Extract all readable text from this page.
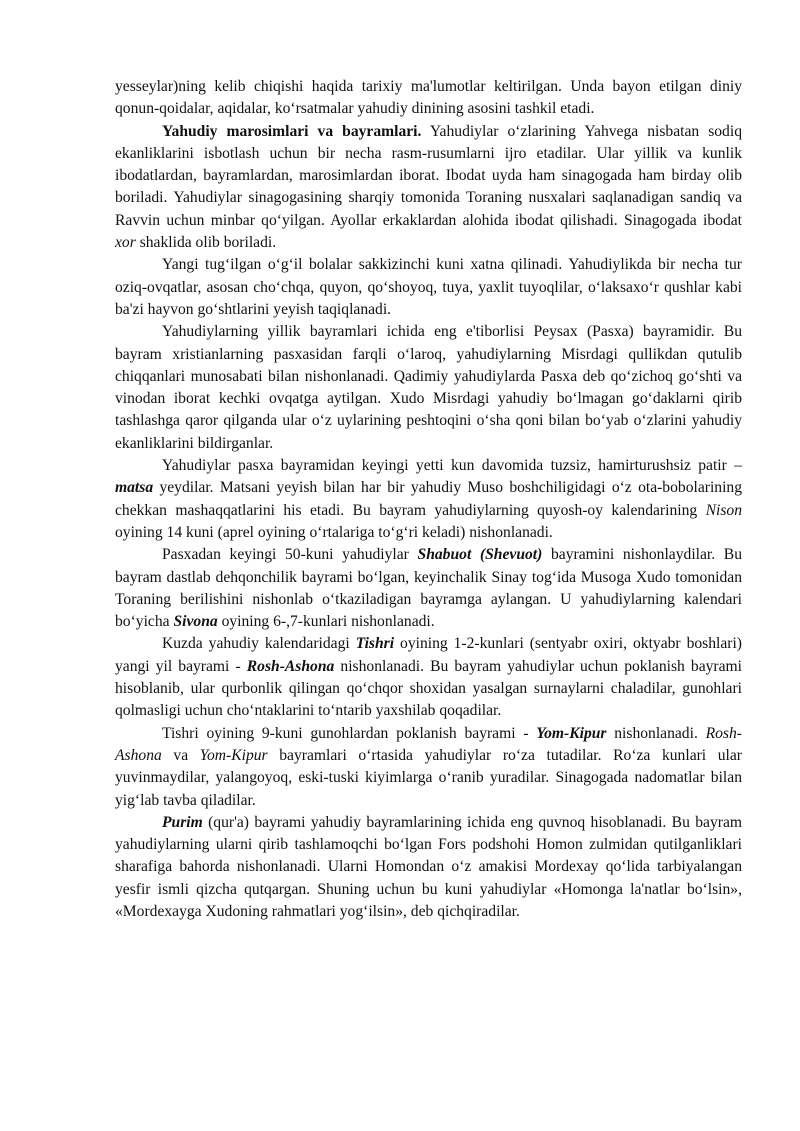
yesseylar)ning kelib chiqishi haqida tarixiy ma'lumotlar keltirilgan. Unda bayon etilgan diniy qonun-qoidalar, aqidalar, ko‘rsatmalar yahudiy dinining asosini tashkil etadi.

Yahudiy marosimlari va bayramlari. Yahudiylar o‘zlarining Yahvega nisbatan sodiq ekanliklarini isbotlash uchun bir necha rasm-rusumlarni ijro etadilar. Ular yillik va kunlik ibodatlardan, bayramlardan, marosimlardan iborat. Ibodat uyda ham sinagogada ham birday olib boriladi. Yahudiylar sinagogasining sharqiy tomonida Toraning nusxalari saqlanadigan sandiq va Ravvin uchun minbar qo‘yilgan. Ayollar erkaklardan alohida ibodat qilishadi. Sinagogada ibodat xor shaklida olib boriladi.

Yangi tug‘ilgan o‘g‘il bolalar sakkizinchi kuni xatna qilinadi. Yahudiylikda bir necha tur oziq-ovqatlar, asosan cho‘chqa, quyon, qo‘shoyoq, tuya, yaxlit tuyoqlilar, o‘laksaxo‘r qushlar kabi ba'zi hayvon go‘shtlarini yeyish taqiqlanadi.

Yahudiylarning yillik bayramlari ichida eng e'tiborlisi Peysax (Pasxa) bayramidir. Bu bayram xristianlarning pasxasidan farqli o‘laroq, yahudiylarning Misrdagi qullikdan qutulib chiqqanlari munosabati bilan nishonlanadi. Qadimiy yahudiylarda Pasxa deb qo‘zichoq go‘shti va vinodan iborat kechki ovqatga aytilgan. Xudo Misrdagi yahudiy bo‘lmagan go‘daklarni qirib tashlashga qaror qilganda ular o‘z uylarining peshtoqini o‘sha qoni bilan bo‘yab o‘zlarini yahudiy ekanliklarini bildirganlar.

Yahudiylar pasxa bayramidan keyingi yetti kun davomida tuzsiz, hamirturushsiz patir – matsa yeydilar. Matsani yeyish bilan har bir yahudiy Muso boshchiligidagi o‘z ota-bobolarining chekkan mashaqqatlarini his etadi. Bu bayram yahudiylarning quyosh-oy kalendarining Nison oyining 14 kuni (aprel oyining o‘rtalariga to‘g‘ri keladi) nishonlanadi.

Pasxadan keyingi 50-kuni yahudiylar Shabuot (Shevuot) bayramini nishonlaydilar. Bu bayram dastlab dehqonchilik bayrami bo‘lgan, keyinchalik Sinay tog‘ida Musoga Xudo tomonidan Toraning berilishini nishonlab o‘tkaziladigan bayramga aylangan. U yahudiylarning kalendari bo‘yicha Sivona oyining 6-,7-kunlari nishonlanadi.

Kuzda yahudiy kalendaridagi Tishri oyining 1-2-kunlari (sentyabr oxiri, oktyabr boshlari) yangi yil bayrami - Rosh-Ashona nishonlanadi. Bu bayram yahudiylar uchun poklanish bayrami hisoblanib, ular qurbonlik qilingan qo‘chqor shoxidan yasalgan surnaylarni chaladilar, gunohlari qolmasligi uchun cho‘ntaklarini to‘ntarib yaxshilab qoqadilar.

Tishri oyining 9-kuni gunohlardan poklanish bayrami - Yom-Kipur nishonlanadi. Rosh-Ashona va Yom-Kipur bayramlari o‘rtasida yahudiylar ro‘za tutadilar. Ro‘za kunlari ular yuvinmaydilar, yalangoyoq, eski-tuski kiyimlarga o‘ranib yuradilar. Sinagogada nadomatlar bilan yig‘lab tavba qiladilar.

Purim (qur'a) bayrami yahudiy bayramlarining ichida eng quvnoq hisoblanadi. Bu bayram yahudiylarning ularni qirib tashlamoqchi bo‘lgan Fors podshohi Homon zulmidan qutilganliklari sharafiga bahorda nishonlanadi. Ularni Homondan o‘z amakisi Mordexay qo‘lida tarbiyalangan yesfir ismli qizcha qutqargan. Shuning uchun bu kuni yahudiylar «Homonga la'natlar bo‘lsin», «Mordexayga Xudoning rahmatlari yog‘ilsin», deb qichqiradilar.
